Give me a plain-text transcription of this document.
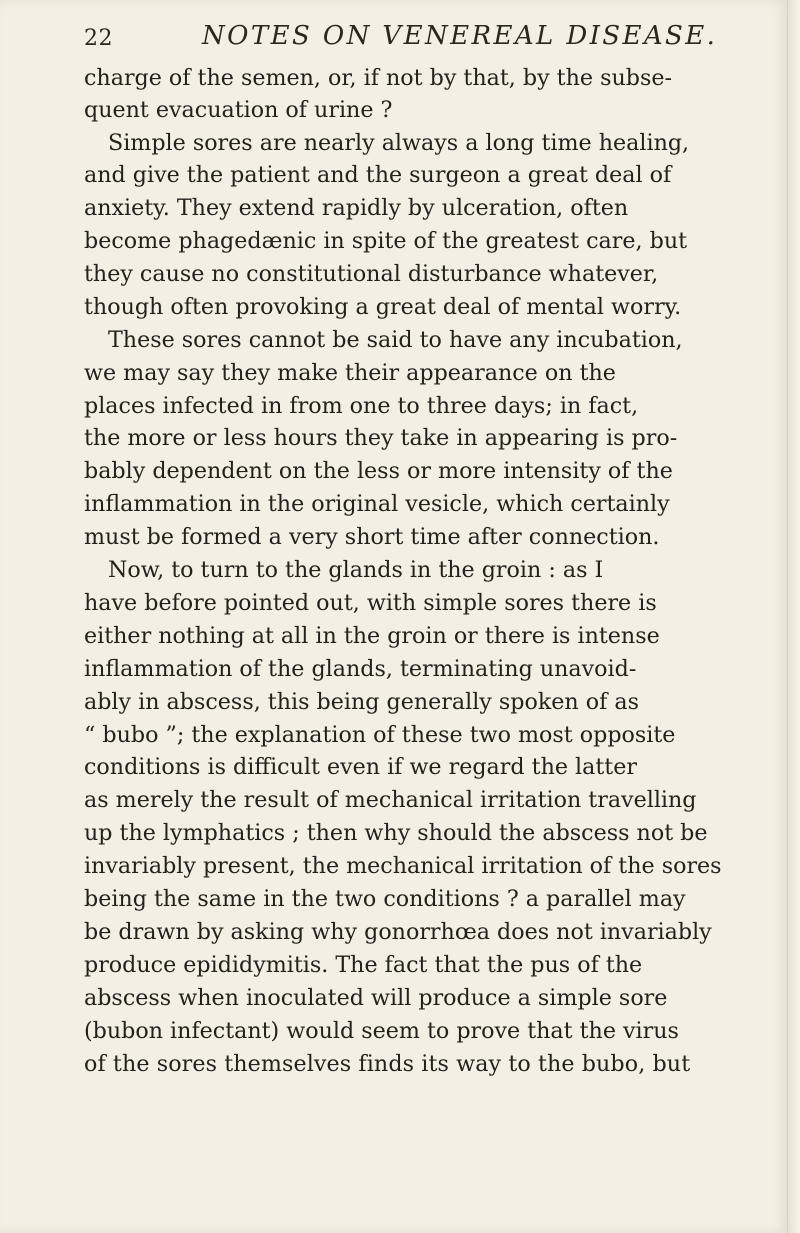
22	NOTES ON VENEREAL DISEASE.
charge of the semen, or, if not by that, by the subse-
quent evacuation of urine ?
Simple sores are nearly always a long time healing,
and give the patient and the surgeon a great deal of
anxiety. They extend rapidly by ulceration, often
become phagedænic in spite of the greatest care, but
they cause no constitutional disturbance whatever,
though often provoking a great deal of mental worry.
These sores cannot be said to have any incubation,
we may say they make their appearance on the
places infected in from one to three days; in fact,
the more or less hours they take in appearing is pro-
bably dependent on the less or more intensity of the
inflammation in the original vesicle, which certainly
must be formed a very short time after connection.
Now, to turn to the glands in the groin : as I
have before pointed out, with simple sores there is
either nothing at all in the groin or there is intense
inflammation of the glands, terminating unavoid-
ably in abscess, this being generally spoken of as
“ bubo ”; the explanation of these two most opposite
conditions is difficult even if we regard the latter
as merely the result of mechanical irritation travelling
up the lymphatics ; then why should the abscess not be
invariably present, the mechanical irritation of the sores
being the same in the two conditions ? a parallel may
be drawn by asking why gonorrhœa does not invariably
produce epididymitis. The fact that the pus of the
abscess when inoculated will produce a simple sore
(bubon infectant) would seem to prove that the virus
of the sores themselves finds its way to the bubo, but
